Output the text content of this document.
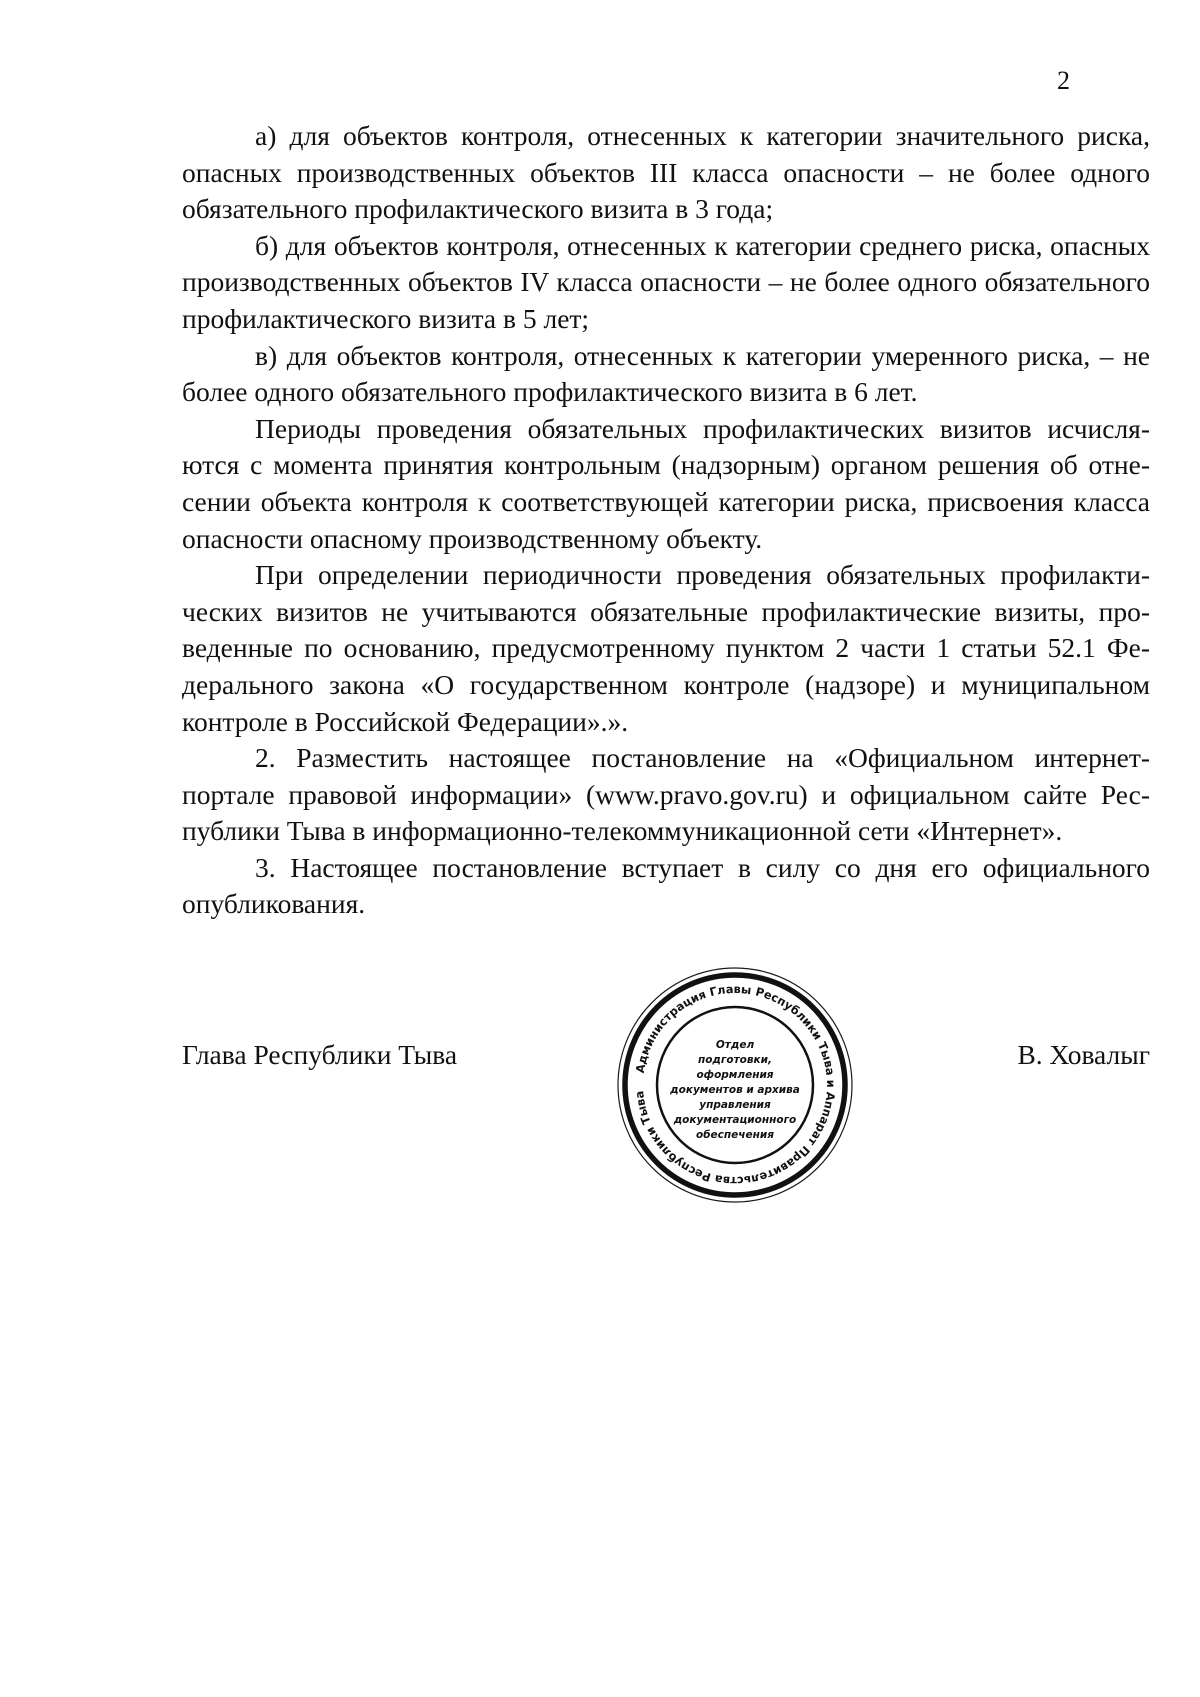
2

а) для объектов контроля, отнесенных к категории значительного риска, опасных производственных объектов III класса опасности – не более одного обязательного профилактического визита в 3 года;

б) для объектов контроля, отнесенных к категории среднего риска, опасных производственных объектов IV класса опасности – не более одного обязательного профилактического визита в 5 лет;

в) для объектов контроля, отнесенных к категории умеренного риска, – не более одного обязательного профилактического визита в 6 лет.

Периоды проведения обязательных профилактических визитов исчисляются с момента принятия контрольным (надзорным) органом решения об отнесении объекта контроля к соответствующей категории риска, присвоения класса опасности опасному производственному объекту.

При определении периодичности проведения обязательных профилактических визитов не учитываются обязательные профилактические визиты, проведенные по основанию, предусмотренному пунктом 2 части 1 статьи 52.1 Федерального закона «О государственном контроле (надзоре) и муниципальном контроле в Российской Федерации».».

2. Разместить настоящее постановление на «Официальном интернет-портале правовой информации» (www.pravo.gov.ru) и официальном сайте Республики Тыва в информационно-телекоммуникационной сети «Интернет».

3. Настоящее постановление вступает в силу со дня его официального опубликования.

Глава Республики Тыва	В. Ховалыг
Администрация Главы Республики Тыва и Аппарат Правительства Республики Тыва
Отдел
подготовки,
оформления
документов и архива
управления
документационного
обеспечения
